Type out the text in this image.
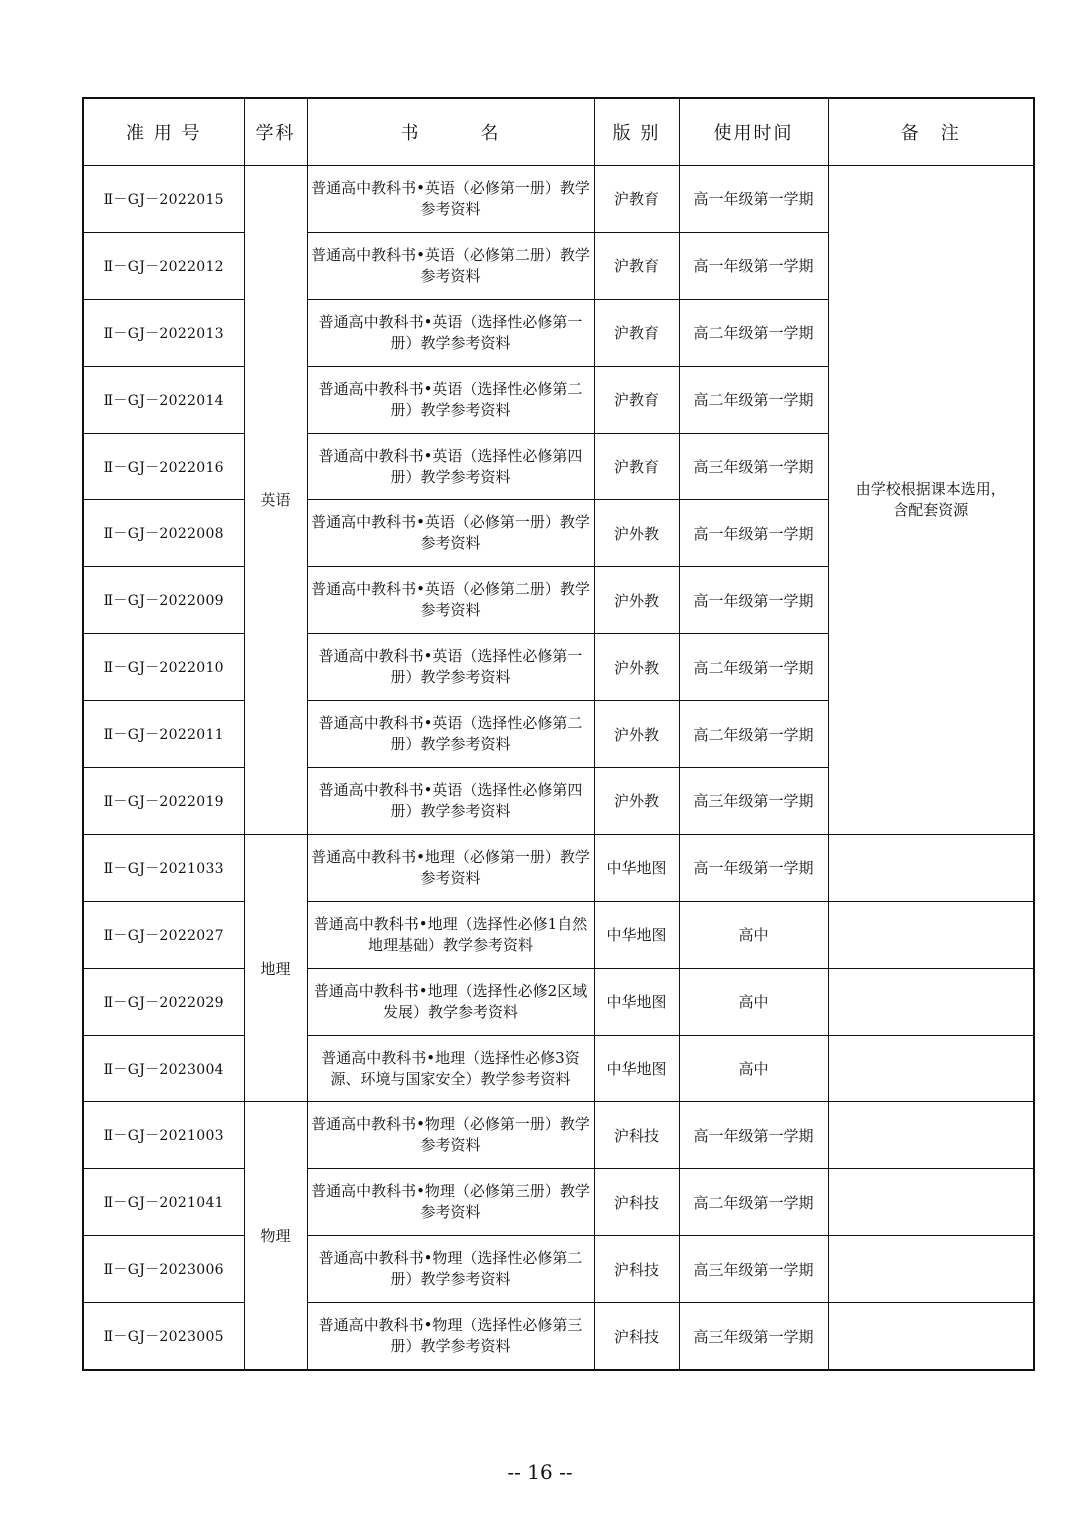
准 用 号	学科	书　　　名	版 别	使用时间	备　注
Ⅱ－GJ－2022015	英语	普通高中教科书•英语（必修第一册）教学参考资料	沪教育	高一年级第一学期	由学校根据课本选用，含配套资源
Ⅱ－GJ－2022012		普通高中教科书•英语（必修第二册）教学参考资料	沪教育	高一年级第一学期	
Ⅱ－GJ－2022013		普通高中教科书•英语（选择性必修第一册）教学参考资料	沪教育	高二年级第一学期	
Ⅱ－GJ－2022014		普通高中教科书•英语（选择性必修第二册）教学参考资料	沪教育	高二年级第一学期	
Ⅱ－GJ－2022016		普通高中教科书•英语（选择性必修第四册）教学参考资料	沪教育	高三年级第一学期	
Ⅱ－GJ－2022008		普通高中教科书•英语（必修第一册）教学参考资料	沪外教	高一年级第一学期	
Ⅱ－GJ－2022009		普通高中教科书•英语（必修第二册）教学参考资料	沪外教	高一年级第一学期	
Ⅱ－GJ－2022010		普通高中教科书•英语（选择性必修第一册）教学参考资料	沪外教	高二年级第一学期	
Ⅱ－GJ－2022011		普通高中教科书•英语（选择性必修第二册）教学参考资料	沪外教	高二年级第一学期	
Ⅱ－GJ－2022019		普通高中教科书•英语（选择性必修第四册）教学参考资料	沪外教	高三年级第一学期	
Ⅱ－GJ－2021033	地理	普通高中教科书•地理（必修第一册）教学参考资料	中华地图	高一年级第一学期	
Ⅱ－GJ－2022027		普通高中教科书•地理（选择性必修1自然地理基础）教学参考资料	中华地图	高中	
Ⅱ－GJ－2022029		普通高中教科书•地理（选择性必修2区域发展）教学参考资料	中华地图	高中	
Ⅱ－GJ－2023004		普通高中教科书•地理（选择性必修3资源、环境与国家安全）教学参考资料	中华地图	高中	
Ⅱ－GJ－2021003	物理	普通高中教科书•物理（必修第一册）教学参考资料	沪科技	高一年级第一学期	
Ⅱ－GJ－2021041		普通高中教科书•物理（必修第三册）教学参考资料	沪科技	高二年级第一学期	
Ⅱ－GJ－2023006		普通高中教科书•物理（选择性必修第二册）教学参考资料	沪科技	高三年级第一学期	
Ⅱ－GJ－2023005		普通高中教科书•物理（选择性必修第三册）教学参考资料	沪科技	高三年级第一学期	
-- 16 --
